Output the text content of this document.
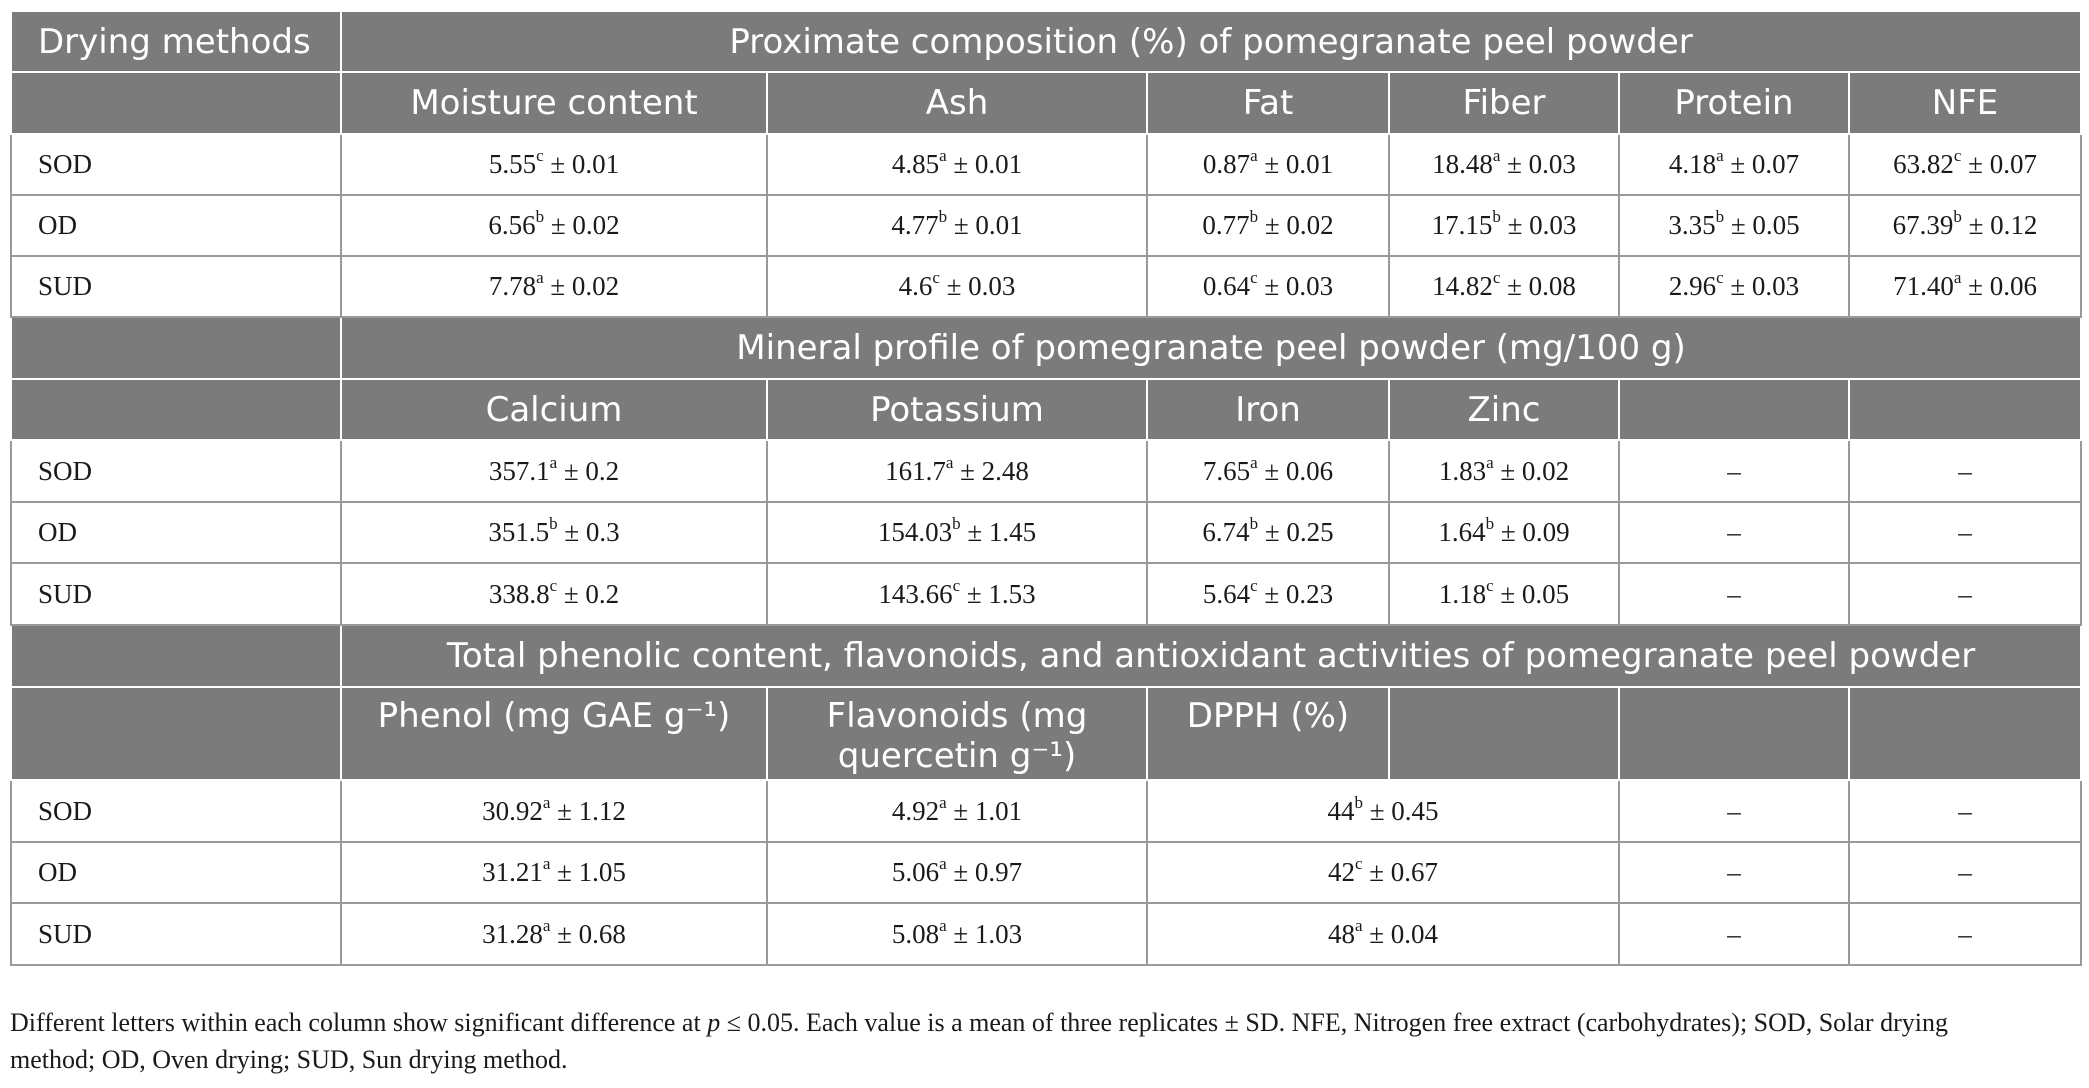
Drying methods	Proximate composition (%) of pomegranate peel powder					
	Moisture content	Ash	Fat	Fiber	Protein	NFE
SOD	5.55$^c$ ± 0.01	4.85$^a$ ± 0.01	0.87$^a$ ± 0.01	18.48$^a$ ± 0.03	4.18$^a$ ± 0.07	63.82$^c$ ± 0.07
OD	6.56$^b$ ± 0.02	4.77$^b$ ± 0.01	0.77$^b$ ± 0.02	17.15$^b$ ± 0.03	3.35$^b$ ± 0.05	67.39$^b$ ± 0.12
SUD	7.78$^a$ ± 0.02	4.6$^c$ ± 0.03	0.64$^c$ ± 0.03	14.82$^c$ ± 0.08	2.96$^c$ ± 0.03	71.40$^a$ ± 0.06
	Mineral profile of pomegranate peel powder (mg/100 g)					
	Calcium	Potassium	Iron	Zinc		
SOD	357.1$^a$ ± 0.2	161.7$^a$ ± 2.48	7.65$^a$ ± 0.06	1.83$^a$ ± 0.02	–	–
OD	351.5$^b$ ± 0.3	154.03$^b$ ± 1.45	6.74$^b$ ± 0.25	1.64$^b$ ± 0.09	–	–
SUD	338.8$^c$ ± 0.2	143.66$^c$ ± 1.53	5.64$^c$ ± 0.23	1.18$^c$ ± 0.05	–	–
	Total phenolic content, flavonoids, and antioxidant activities of pomegranate peel powder					
	Phenol (mg GAE g⁻¹)	Flavonoids (mg quercetin g⁻¹)	DPPH (%)			
SOD	30.92$^a$ ± 1.12	4.92$^a$ ± 1.01	$44^b \pm 0.45$		–	–
OD	31.21$^a$ ± 1.05	5.06$^a$ ± 0.97	$42^c \pm 0.67$		–	–
SUD	31.28$^a$ ± 0.68	5.08$^a$ ± 1.03	$48^a \pm 0.04$		–	–
Different letters within each column show significant difference at p ≤ 0.05. Each value is a mean of three replicates ± SD. NFE, Nitrogen free extract (carbohydrates); SOD, Solar drying
method; OD, Oven drying; SUD, Sun drying method.
